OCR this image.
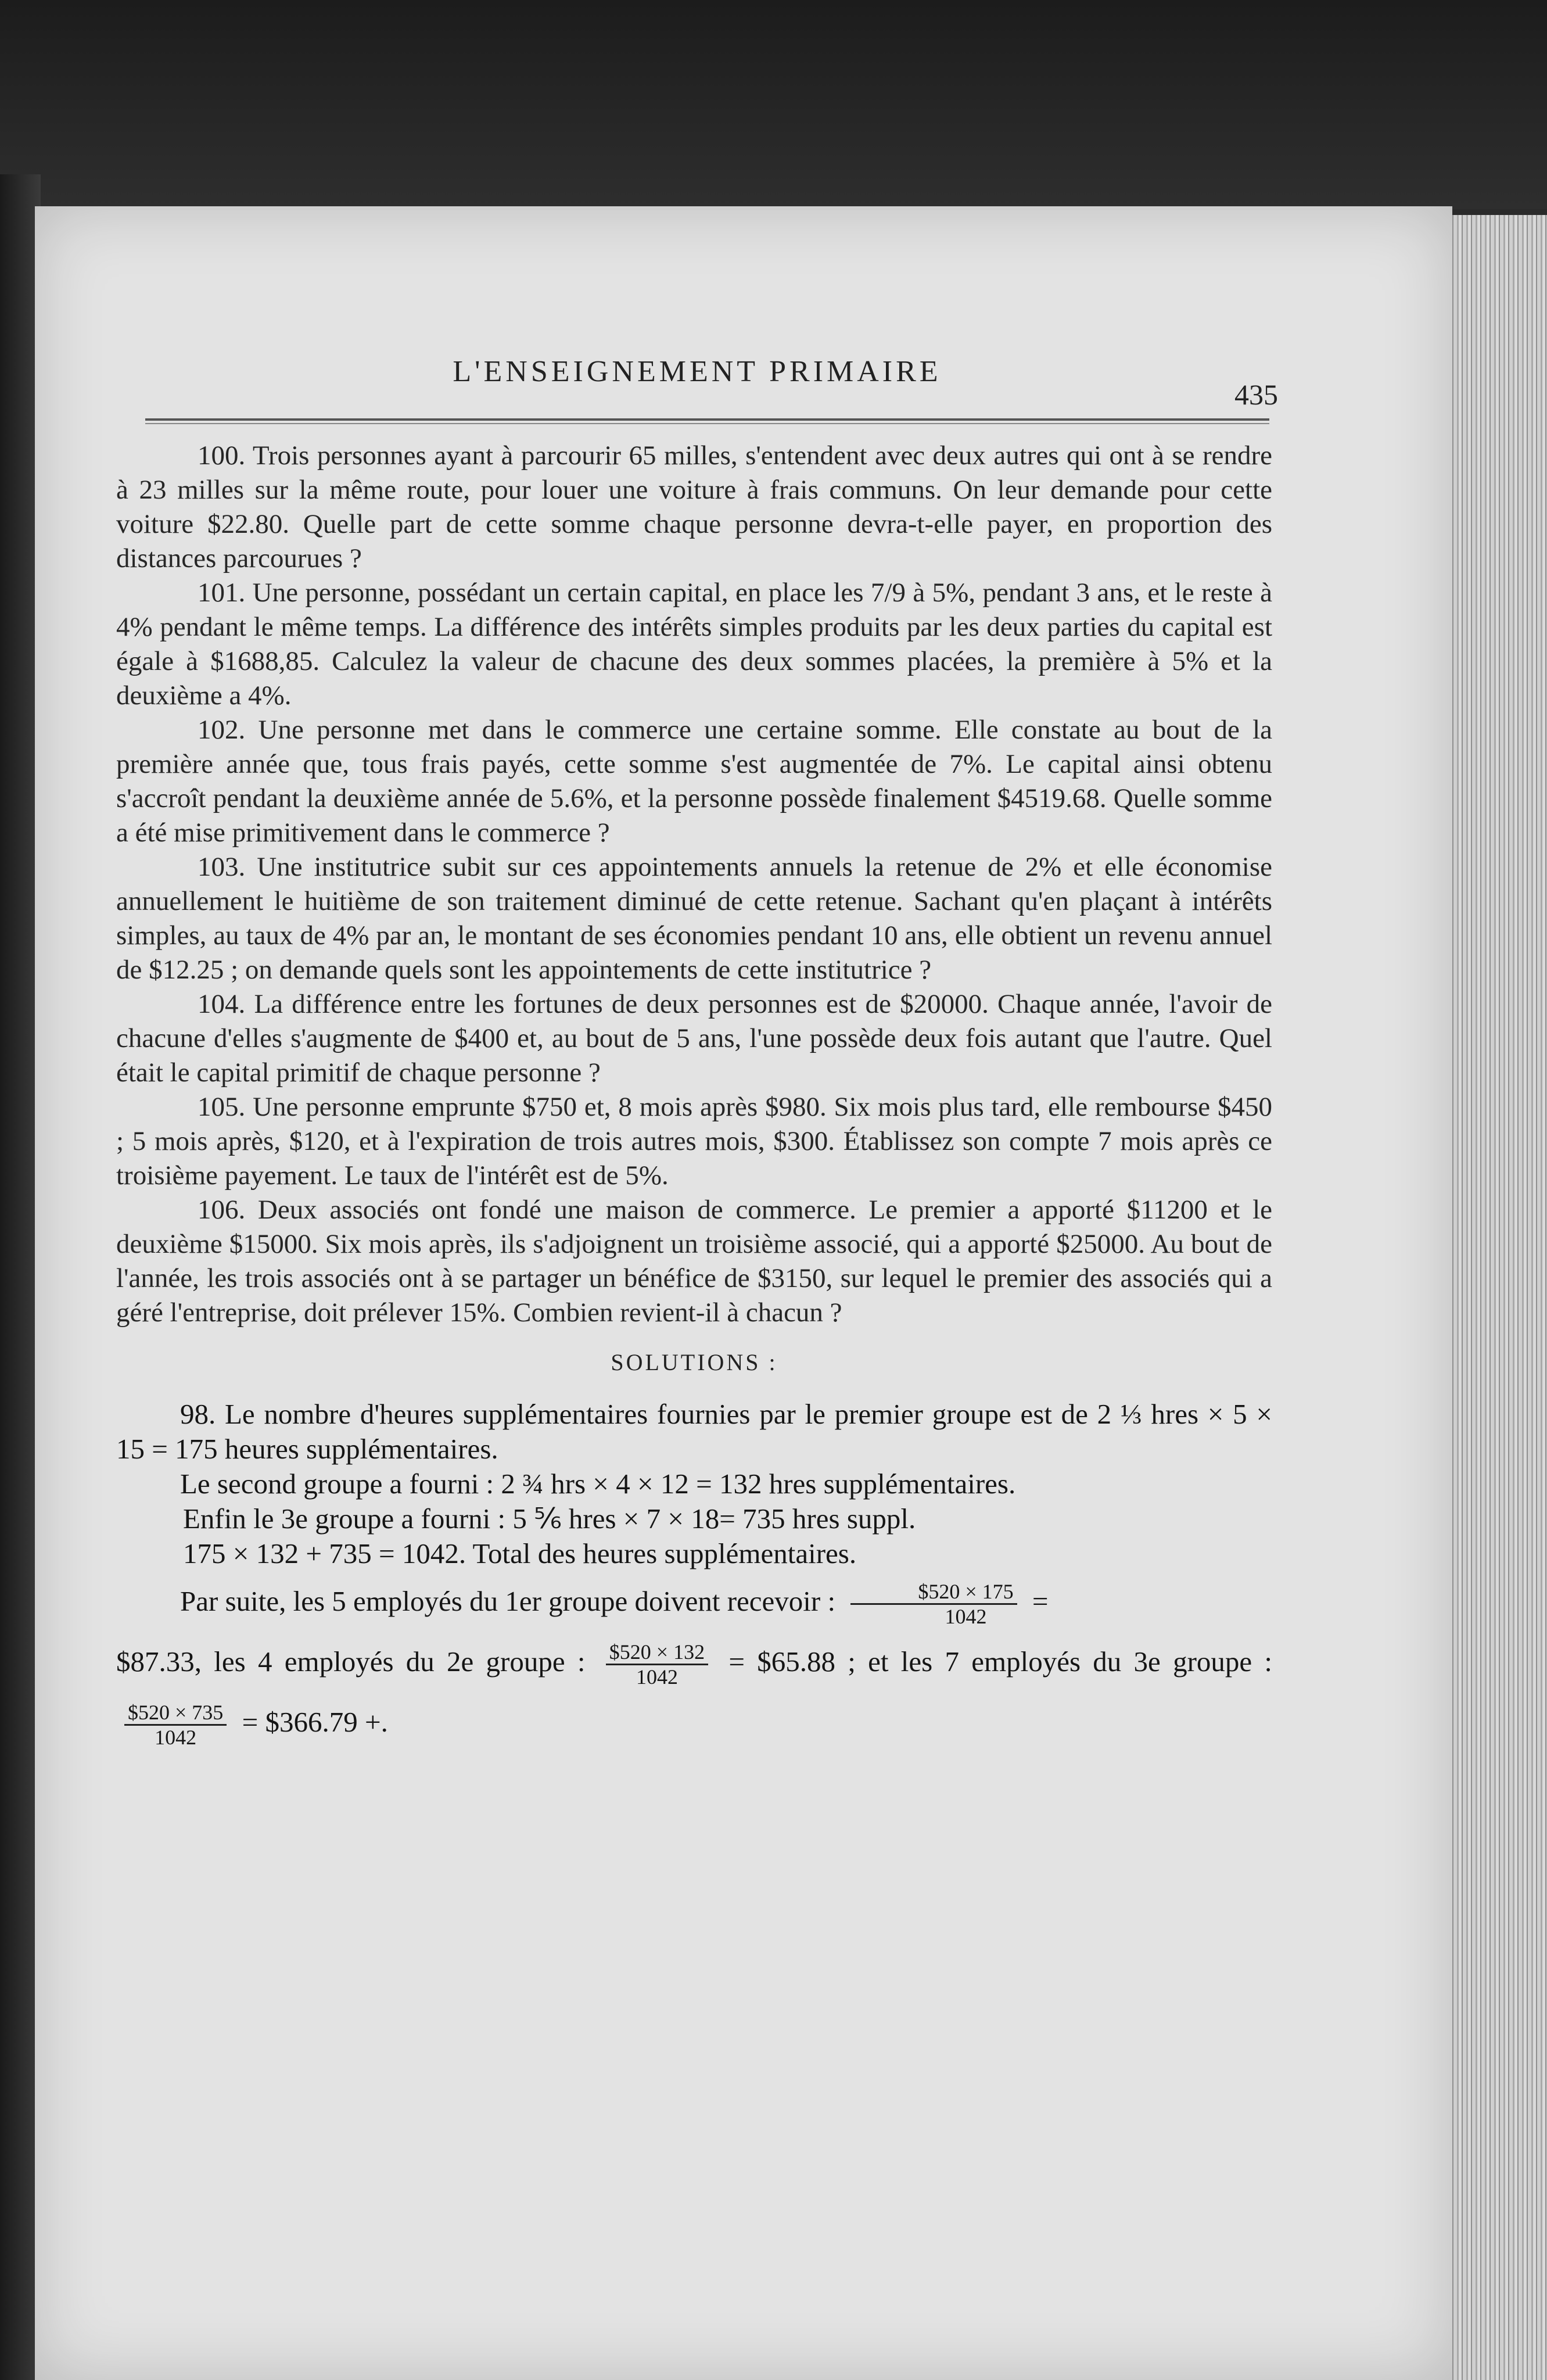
L'ENSEIGNEMENT PRIMAIRE
435

100. Trois personnes ayant à parcourir 65 milles, s'entendent avec deux autres qui ont à se rendre à 23 milles sur la même route, pour louer une voiture à frais communs. On leur demande pour cette voiture $22.80. Quelle part de cette somme chaque personne devra-t-elle payer, en proportion des distances parcourues ?

101. Une personne, possédant un certain capital, en place les 7/9 à 5%, pendant 3 ans, et le reste à 4% pendant le même temps. La différence des intérêts simples produits par les deux parties du capital est égale à $1688,85. Calculez la valeur de chacune des deux sommes placées, la première à 5% et la deuxième a 4%.

102. Une personne met dans le commerce une certaine somme. Elle constate au bout de la première année que, tous frais payés, cette somme s'est augmentée de 7%. Le capital ainsi obtenu s'accroît pendant la deuxième année de 5.6%, et la personne possède finalement $4519.68. Quelle somme a été mise primitivement dans le commerce ?

103. Une institutrice subit sur ces appointements annuels la retenue de 2% et elle économise annuellement le huitième de son traitement diminué de cette retenue. Sachant qu'en plaçant à intérêts simples, au taux de 4% par an, le montant de ses économies pendant 10 ans, elle obtient un revenu annuel de $12.25 ; on demande quels sont les appointements de cette institutrice ?

104. La différence entre les fortunes de deux personnes est de $20000. Chaque année, l'avoir de chacune d'elles s'augmente de $400 et, au bout de 5 ans, l'une possède deux fois autant que l'autre. Quel était le capital primitif de chaque personne ?

105. Une personne emprunte $750 et, 8 mois après $980. Six mois plus tard, elle rembourse $450 ; 5 mois après, $120, et à l'expiration de trois autres mois, $300. Établissez son compte 7 mois après ce troisième payement. Le taux de l'intérêt est de 5%.

106. Deux associés ont fondé une maison de commerce. Le premier a apporté $11200 et le deuxième $15000. Six mois après, ils s'adjoignent un troisième associé, qui a apporté $25000. Au bout de l'année, les trois associés ont à se partager un bénéfice de $3150, sur lequel le premier des associés qui a géré l'entreprise, doit prélever 15%. Combien revient-il à chacun ?

SOLUTIONS :

98. Le nombre d'heures supplémentaires fournies par le premier groupe est de 2 ⅓ hres × 5 × 15 = 175 heures supplémentaires.

Le second groupe a fourni : 2 ¾ hrs × 4 × 12 = 132 hres supplémentaires.

Enfin le 3e groupe a fourni : 5 ⅚ hres × 7 × 18= 735 hres suppl.

175 × 132 + 735 = 1042. Total des heures supplémentaires.

Par suite, les 5 employés du 1er groupe doivent recevoir : $\frac{\$520 \times 175}{1042}$ =

$87.33, les 4 employés du 2e groupe : $\frac{\$520 \times 132}{1042}$ = $65.88 ; et les 7 employés du 3e groupe :
$\frac{\$520 \times 735}{1042}$ = $366.79 +.
